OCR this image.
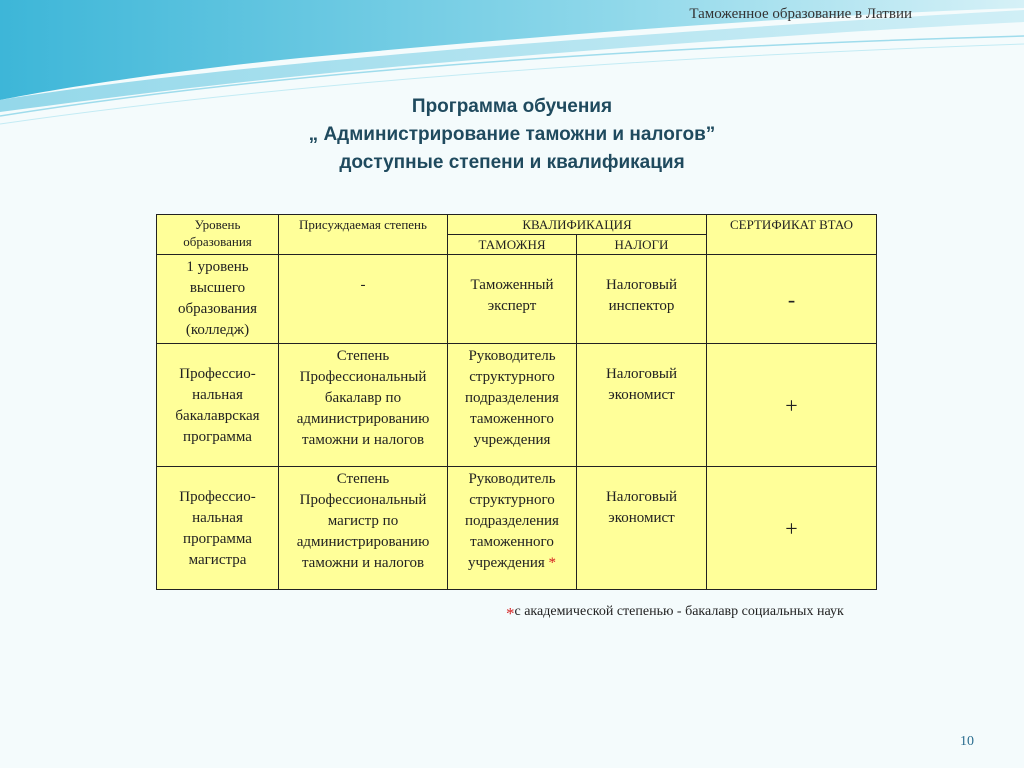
Таможенное образование в Латвии
Программа обучения
„ Администрирование таможни и налогов”
доступные степени и квалификация
Уровень образования	Присуждаемая степень	КВАЛИФИКАЦИЯ		СЕРТИФИКАТ ВТАО
		ТАМОЖНЯ	НАЛОГИ	
1 уровень высшего образования (колледж)	-	Таможенный эксперт	Налоговый инспектор	-
Профессио-нальная бакалаврская программа	Степень Профессиональный бакалавр по администрированию таможни и налогов	Руководитель структурного подразделения таможенного учреждения	Налоговый экономист	+
Профессио-нальная программа магистра	Степень Профессиональный магистр по администрированию таможни и налогов	Руководитель структурного подразделения таможенного учреждения *	Налоговый экономист	+
*с академической степенью - бакалавр социальных наук
10
